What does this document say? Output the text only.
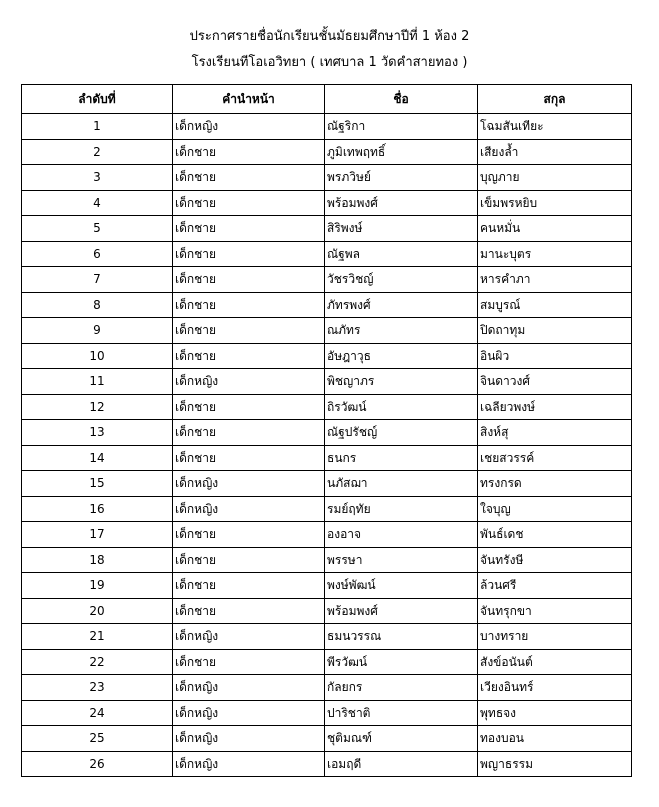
ประกาศรายชื่อนักเรียนชั้นมัธยมศึกษาปีที่ 1 ห้อง 2
โรงเรียนทีโอเอวิทยา ( เทศบาล 1 วัดคำสายทอง )
ลำดับที่	คำนำหน้า	ชื่อ	สกุล
1	เด็กหญิง	ณัฐริกา	โฉมสันเทียะ
2	เด็กชาย	ภูมิเทพฤทธิ์	เสียงล้ำ
3	เด็กชาย	พรภวิษย์	บุญภาย
4	เด็กชาย	พร้อมพงศ์	เข็มพรหยิบ
5	เด็กชาย	สิริพงษ์	คนหมั่น
6	เด็กชาย	ณัฐพล	มานะบุตร
7	เด็กชาย	วัชรวิชญ์	หารคำภา
8	เด็กชาย	ภัทรพงศ์	สมบูรณ์
9	เด็กชาย	ณภัทร	ปิดถาทุม
10	เด็กชาย	อัษฎาวุธ	อินผิว
11	เด็กหญิง	พิชญาภร	จินดาวงศ์
12	เด็กชาย	ถิรวัฒน์	เฉลียวพงษ์
13	เด็กชาย	ณัฐปรัชญ์	สิงห์สุ
14	เด็กชาย	ธนกร	เชยสวรรค์
15	เด็กหญิง	นภัสฌา	ทรงกรด
16	เด็กหญิง	รมย์ฤทัย	ใจบุญ
17	เด็กชาย	องอาจ	พันธ์เดช
18	เด็กชาย	พรรษา	จันทรังษี
19	เด็กชาย	พงษ์พัฒน์	ล้วนศรี
20	เด็กชาย	พร้อมพงศ์	จันทรุกขา
21	เด็กหญิง	ธมนวรรณ	บางทราย
22	เด็กชาย	พีรวัฒน์	สังข์อนันต์
23	เด็กหญิง	กัลยกร	เวียงอินทร์
24	เด็กหญิง	ปาริชาติ	พุทธจง
25	เด็กหญิง	ชุติมณฑ์	ทองบอน
26	เด็กหญิง	เอมฤดี	พญาธรรม
